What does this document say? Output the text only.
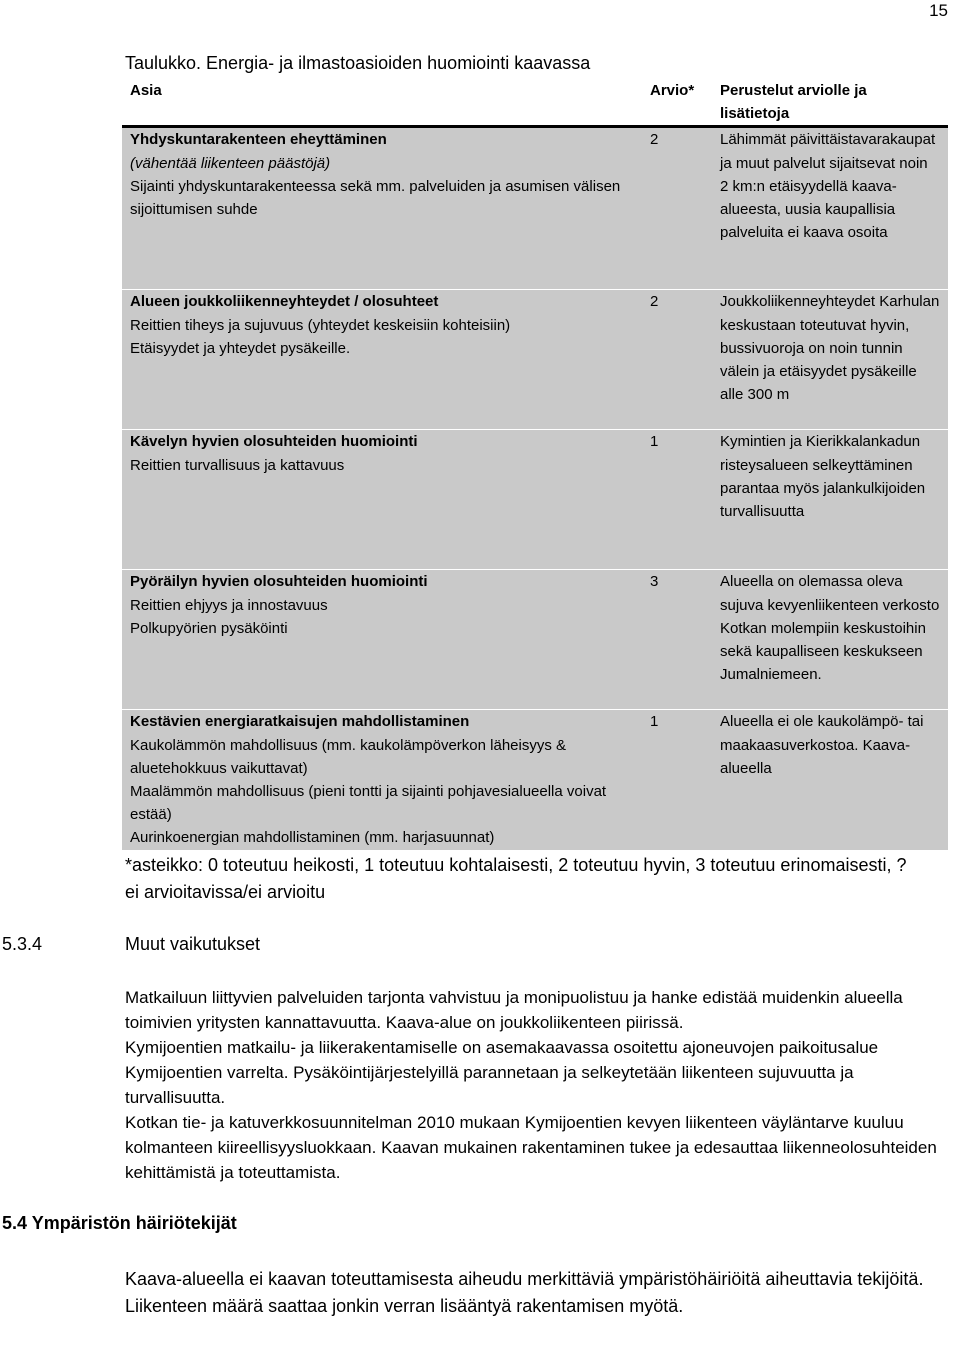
15
Taulukko. Energia- ja ilmastoasioiden huomiointi kaavassa
Asia	Arvio*	Perustelut arviolle ja lisätietoja

Yhdyskuntarakenteen eheyttäminen
(vähentää liikenteen päästöjä)
Sijainti yhdyskuntarakenteessa sekä mm. palveluiden ja asumisen välisen sijoittumisen suhde	2	Lähimmät päivittäistavarakaupat ja muut palvelut sijaitsevat noin 2 km:n etäisyydellä kaava-alueesta, uusia kaupallisia palveluita ei kaava osoita

Alueen joukkoliikenneyhteydet / olosuhteet
Reittien tiheys ja sujuvuus (yhteydet keskeisiin kohteisiin)
Etäisyydet ja yhteydet pysäkeille.	2	Joukkoliikenneyhteydet Karhulan keskustaan toteutuvat hyvin, bussivuoroja on noin tunnin välein ja etäisyydet pysäkeille alle 300 m

Kävelyn hyvien olosuhteiden huomiointi
Reittien turvallisuus ja kattavuus	1	Kymintien ja Kierikkalankadun risteysalueen selkeyttäminen parantaa myös jalankulkijoiden turvallisuutta

Pyöräilyn hyvien olosuhteiden huomiointi
Reittien ehjyys ja innostavuus
Polkupyörien pysäköinti	3	Alueella on olemassa oleva sujuva kevyenliikenteen verkosto Kotkan molempiin keskustoihin sekä kaupalliseen keskukseen Jumalniemeen.

Kestävien energiaratkaisujen mahdollistaminen
Kaukolämmön mahdollisuus (mm. kaukolämpöverkon läheisyys & aluetehokkuus vaikuttavat)
Maalämmön mahdollisuus (pieni tontti ja sijainti pohjavesialueella voivat estää)
Aurinkoenergian mahdollistaminen (mm. harjasuunnat)	1	Alueella ei ole kaukolämpö- tai maakaasuverkostoa. Kaava-alueella
*asteikko: 0 toteutuu heikosti, 1 toteutuu kohtalaisesti, 2 toteutuu hyvin, 3 toteutuu erinomaisesti, ? ei arvioitavissa/ei arvioitu
5.3.4	Muut vaikutukset
Matkailuun liittyvien palveluiden tarjonta vahvistuu ja monipuolistuu ja hanke edistää muidenkin alueella toimivien yritysten kannattavuutta. Kaava-alue on joukkoliikenteen piirissä.
Kymijoentien matkailu- ja liikerakentamiselle on asemakaavassa osoitettu ajoneuvojen paikoitusalue Kymijoentien varrelta. Pysäköintijärjestelyillä parannetaan ja selkeytetään liikenteen sujuvuutta ja turvallisuutta.
Kotkan tie- ja katuverkkosuunnitelman 2010 mukaan Kymijoentien kevyen liikenteen väyläntarve kuuluu kolmanteen kiireellisyysluokkaan. Kaavan mukainen rakentaminen tukee ja edesauttaa liikenneolosuhteiden kehittämistä ja toteuttamista.
5.4 Ympäristön häiriötekijät
Kaava-alueella ei kaavan toteuttamisesta aiheudu merkittäviä ympäristöhäiriöitä aiheuttavia tekijöitä. Liikenteen määrä saattaa jonkin verran lisääntyä rakentamisen myötä.
